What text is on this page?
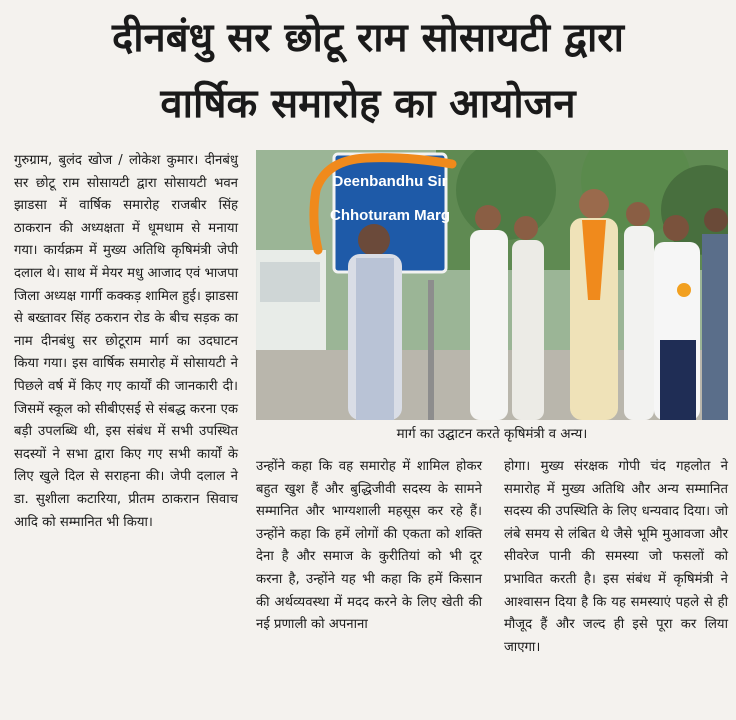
दीनबंधु सर छोटू राम सोसायटी द्वारा
वार्षिक समारोह का आयोजन
गुरुग्राम, बुलंद खोज / लोकेश कुमार। दीनबंधु सर छोटू राम सोसायटी द्वारा सोसायटी भवन झाडसा में वार्षिक समारोह राजबीर सिंह ठाकरान की अध्यक्षता में धूमधाम से मनाया गया। कार्यक्रम में मुख्य अतिथि कृषिमंत्री जेपी दलाल थे। साथ में मेयर मधु आजाद एवं भाजपा जिला अध्यक्ष गार्गी कक्कड़ शामिल हुई। झाडसा से बख्तावर सिंह ठकरान रोड के बीच सड़क का नाम दीनबंधु सर छोटूराम मार्ग का उदघाटन किया गया। इस वार्षिक समारोह में सोसायटी ने पिछले वर्ष में किए गए कार्यों की जानकारी दी। जिसमें स्कूल को सीबीएसई से संबद्ध करना एक बड़ी उपलब्धि थी, इस संबंध में सभी उपस्थित सदस्यों ने सभा द्वारा किए गए सभी कार्यों के लिए खुले दिल से सराहना की। जेपी दलाल ने डा. सुशीला कटारिया, प्रीतम ठाकरान सिवाच आदि को सम्मानित भी किया।
Deenbandhu Sir
Chhoturam Marg
मार्ग का उद्घाटन करते कृषिमंत्री व अन्य।
उन्होंने कहा कि वह समारोह में शामिल होकर बहुत खुश हैं और बुद्धिजीवी सदस्य के सामने सम्मानित और भाग्यशाली महसूस कर रहे हैं। उन्होंने कहा कि हमें लोगों की एकता को शक्ति देना है और समाज के कुरीतियां को भी दूर करना है, उन्होंने यह भी कहा कि हमें किसान की अर्थव्यवस्था में मदद करने के लिए खेती की नई प्रणाली को अपनाना
होगा। मुख्य संरक्षक गोपी चंद गहलोत ने समारोह में मुख्य अतिथि और अन्य सम्मानित सदस्य की उपस्थिति के लिए धन्यवाद दिया। जो लंबे समय से लंबित थे जैसे भूमि मुआवजा और सीवरेज पानी की समस्या जो फसलों को प्रभावित करती है। इस संबंध में कृषिमंत्री ने आश्वासन दिया है कि यह समस्याएं पहले से ही मौजूद हैं और जल्द ही इसे पूरा कर लिया जाएगा।
